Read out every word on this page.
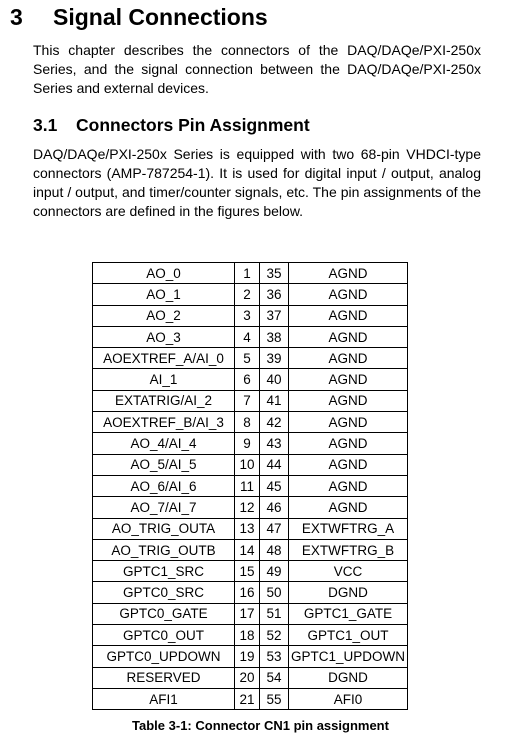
3 Signal Connections

This chapter describes the connectors of the DAQ/DAQe/PXI-250x Series, and the signal connection between the DAQ/DAQe/PXI-250x Series and external devices.

3.1 Connectors Pin Assignment

DAQ/DAQe/PXI-250x Series is equipped with two 68-pin VHDCI-type connectors (AMP-787254-1). It is used for digital input / output, analog input / output, and timer/counter signals, etc. The pin assignments of the connectors are defined in the figures below.

AO_0	1	35	AGND
AO_1	2	36	AGND
AO_2	3	37	AGND
AO_3	4	38	AGND
AOEXTREF_A/AI_0	5	39	AGND
AI_1	6	40	AGND
EXTATRIG/AI_2	7	41	AGND
AOEXTREF_B/AI_3	8	42	AGND
AO_4/AI_4	9	43	AGND
AO_5/AI_5	10	44	AGND
AO_6/AI_6	11	45	AGND
AO_7/AI_7	12	46	AGND
AO_TRIG_OUTA	13	47	EXTWFTRG_A
AO_TRIG_OUTB	14	48	EXTWFTRG_B
GPTC1_SRC	15	49	VCC
GPTC0_SRC	16	50	DGND
GPTC0_GATE	17	51	GPTC1_GATE
GPTC0_OUT	18	52	GPTC1_OUT
GPTC0_UPDOWN	19	53	GPTC1_UPDOWN
RESERVED	20	54	DGND
AFI1	21	55	AFI0
Table 3-1: Connector CN1 pin assignment
